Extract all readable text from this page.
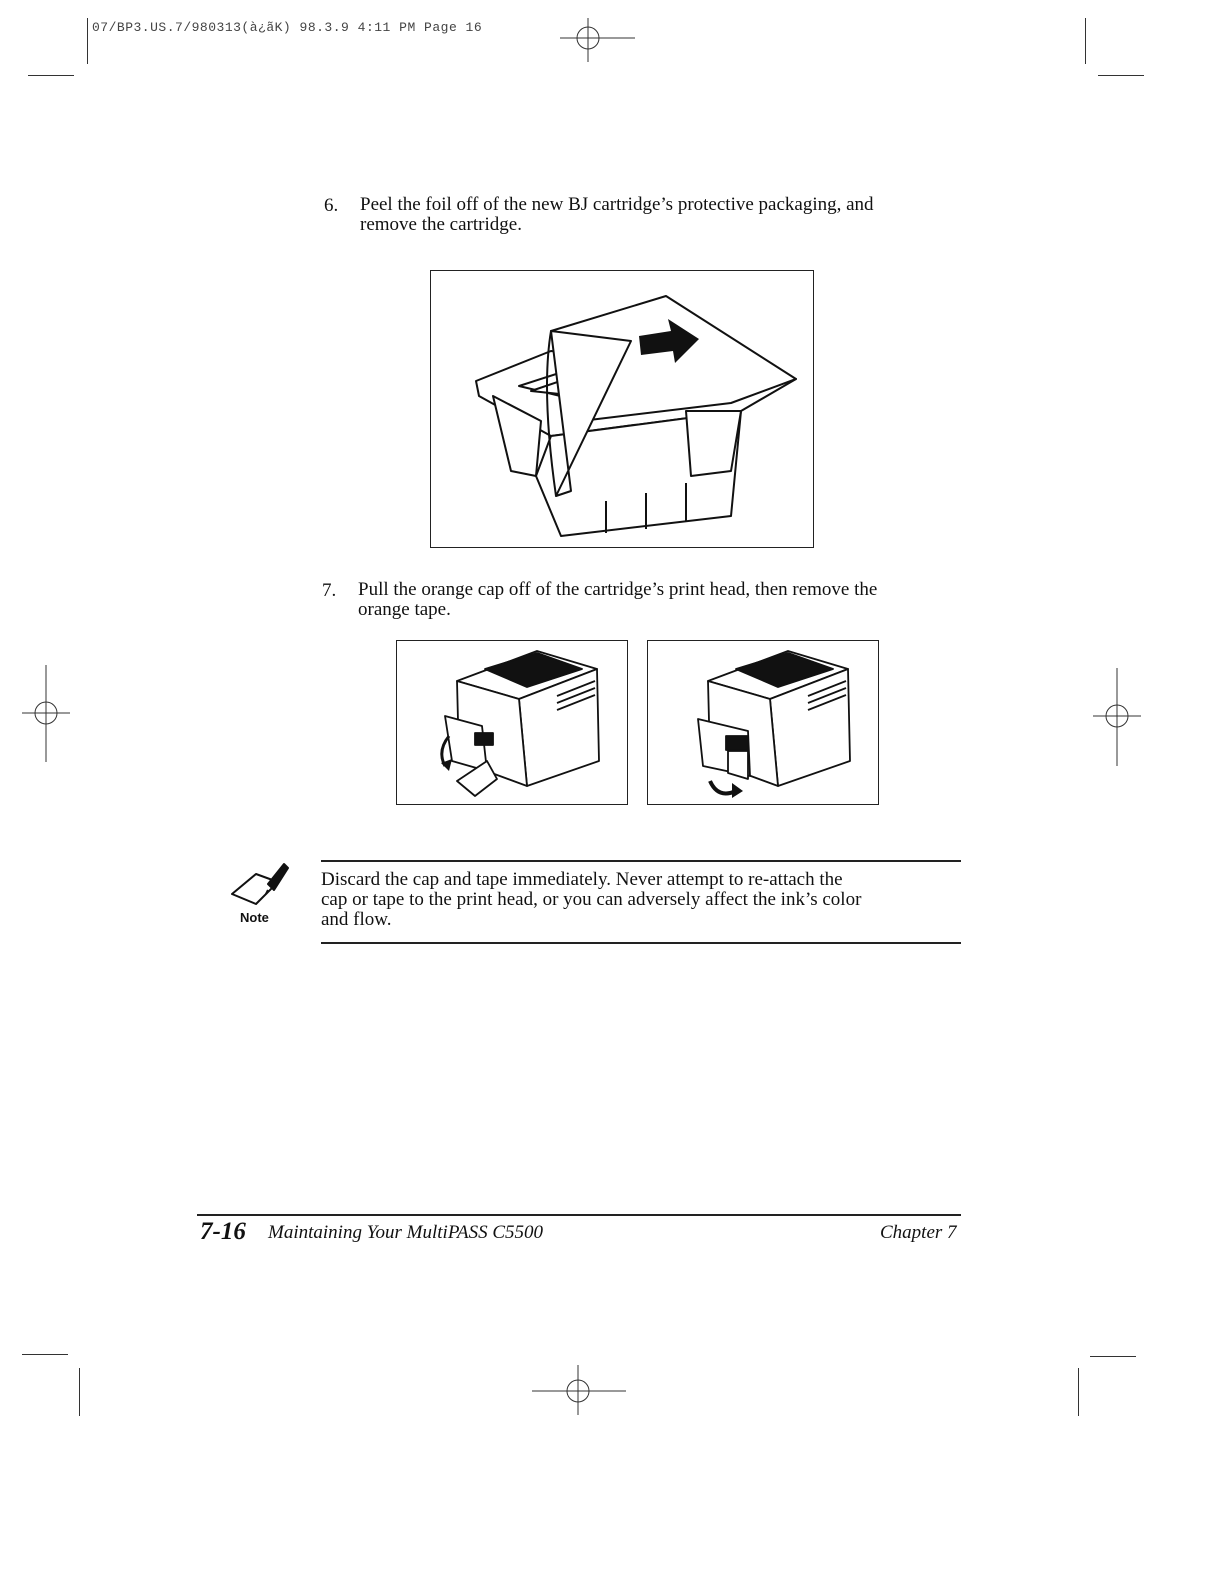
07/BP3.US.7/980313(à¿ãK) 98.3.9 4:11 PM Page 16
6. Peel the foil off of the new BJ cartridge’s protective packaging, and
remove the cartridge.
7. Pull the orange cap off of the cartridge’s print head, then remove the
orange tape.
Note
Discard the cap and tape immediately. Never attempt to re-attach the
cap or tape to the print head, or you can adversely affect the ink’s color
and flow.
7-16 Maintaining Your MultiPASS C5500	Chapter 7
